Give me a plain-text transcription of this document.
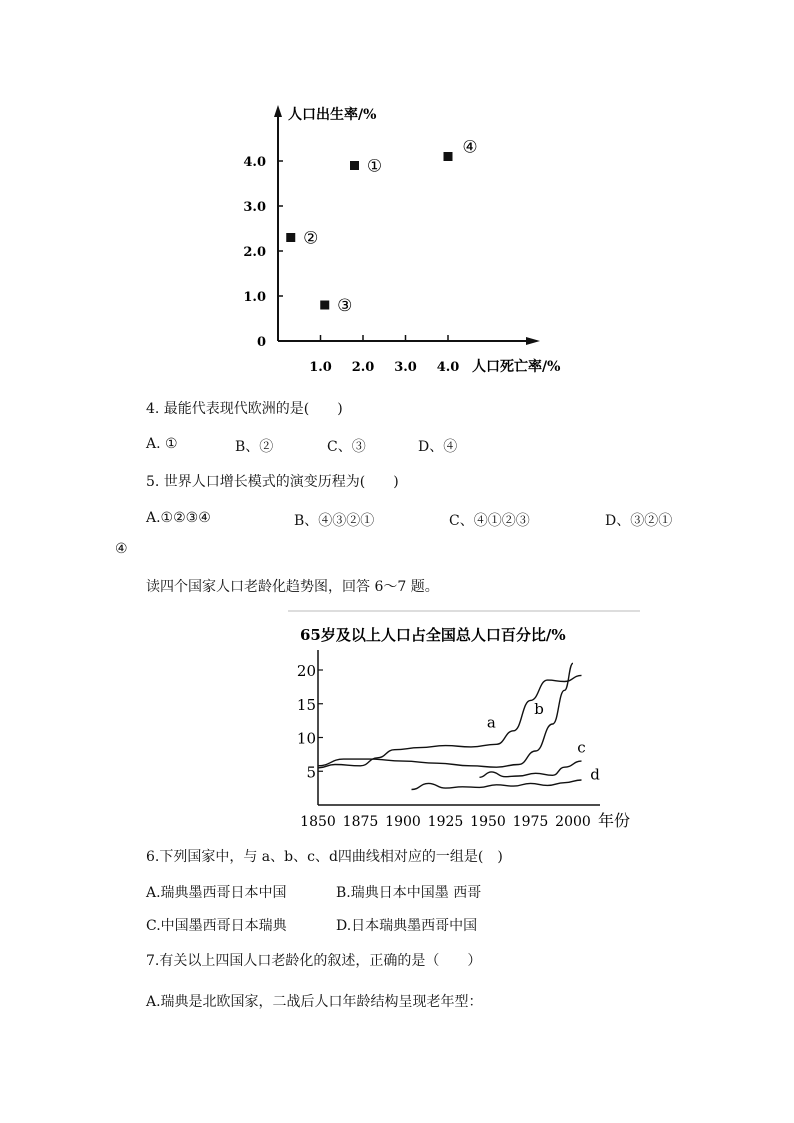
人口出生率/%
人口死亡率/%
0
1.0
2.0
3.0
4.0
1.0 2.0 3.0 4.0
①
②
③
④
4. 最能代表现代欧洲的是(　　)
A. ①	B、②	C、③	D、④
5. 世界人口增长模式的演变历程为(　　)
A.①②③④	B、④③②①	C、④①②③	D、③②①
④
读四个国家人口老龄化趋势图，回答 6～7 题。
65岁及以上人口占全国总人口百分比/%
5
10
15
20
1850 1875 1900 1925 1950 1975 2000 年份
a
b
c
d
6.下列国家中，与 a、b、c、d四曲线相对应的一组是(　)
A.瑞典墨西哥日本中国	B.瑞典日本中国墨 西哥
C.中国墨西哥日本瑞典	D.日本瑞典墨西哥中国
7.有关以上四国人口老龄化的叙述，正确的是（　　）
A.瑞典是北欧国家，二战后人口年龄结构呈现老年型：
